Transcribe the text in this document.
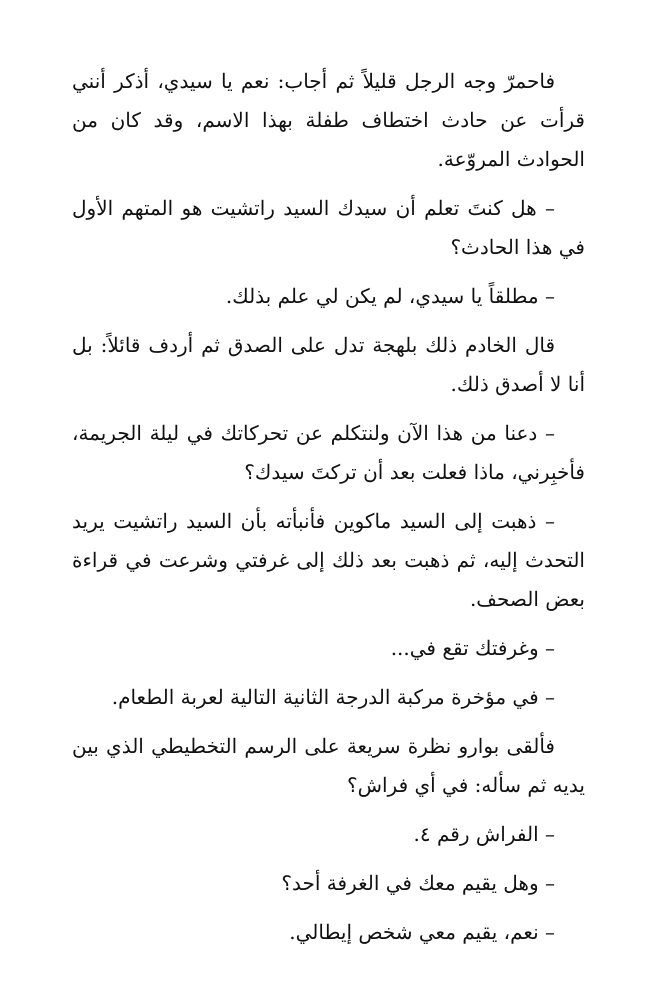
فاحمرّ وجه الرجل قليلاً ثم أجاب: نعم يا سيدي، أذكر أنني قرأت عن حادث اختطاف طفلة بهذا الاسم، وقد كان من الحوادث المروّعة.

– هل كنتَ تعلم أن سيدك السيد راتشيت هو المتهم الأول في هذا الحادث؟

– مطلقاً يا سيدي، لم يكن لي علم بذلك.

قال الخادم ذلك بلهجة تدل على الصدق ثم أردف قائلاً: بل أنا لا أصدق ذلك.

– دعنا من هذا الآن ولنتكلم عن تحركاتك في ليلة الجريمة، فأخبِرني، ماذا فعلت بعد أن تركتَ سيدك؟

– ذهبت إلى السيد ماكوين فأنبأته بأن السيد راتشيت يريد التحدث إليه، ثم ذهبت بعد ذلك إلى غرفتي وشرعت في قراءة بعض الصحف.

– وغرفتك تقع في...

– في مؤخرة مركبة الدرجة الثانية التالية لعربة الطعام.

فألقى بوارو نظرة سريعة على الرسم التخطيطي الذي بين يديه ثم سأله: في أي فراش؟

– الفراش رقم ٤.

– وهل يقيم معك في الغرفة أحد؟

– نعم، يقيم معي شخص إيطالي.
